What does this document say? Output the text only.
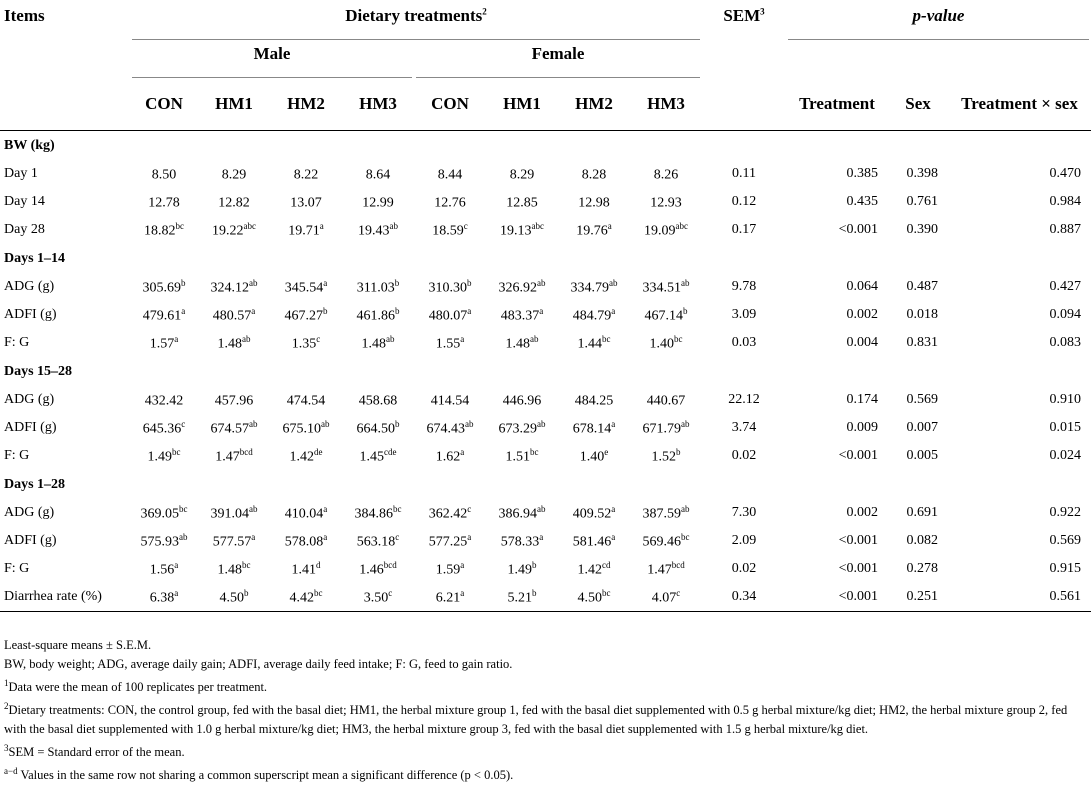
Items	Dietary treatments$^2$								SEM$^3$	p-value		
	Male				Female							
	CON	HM1	HM2	HM3	CON	HM1	HM2	HM3		Treatment	Sex	Treatment × sex

BW (kg)												
Day 1	8.50	8.29	8.22	8.64	8.44	8.29	8.28	8.26	0.11	0.385	0.398	0.470
Day 14	12.78	12.82	13.07	12.99	12.76	12.85	12.98	12.93	0.12	0.435	0.761	0.984
Day 28	18.82$^{bc}$	19.22$^{abc}$	19.71$^a$	19.43$^{ab}$	18.59$^c$	19.13$^{abc}$	19.76$^a$	19.09$^{abc}$	0.17	<0.001	0.390	0.887
Days 1–14												
ADG (g)	305.69$^b$	324.12$^{ab}$	345.54$^a$	311.03$^b$	310.30$^b$	326.92$^{ab}$	334.79$^{ab}$	334.51$^{ab}$	9.78	0.064	0.487	0.427
ADFI (g)	479.61$^a$	480.57$^a$	467.27$^b$	461.86$^b$	480.07$^a$	483.37$^a$	484.79$^a$	467.14$^b$	3.09	0.002	0.018	0.094
F: G	1.57$^a$	1.48$^{ab}$	1.35$^c$	1.48$^{ab}$	1.55$^a$	1.48$^{ab}$	1.44$^{bc}$	1.40$^{bc}$	0.03	0.004	0.831	0.083
Days 15–28												
ADG (g)	432.42	457.96	474.54	458.68	414.54	446.96	484.25	440.67	22.12	0.174	0.569	0.910
ADFI (g)	645.36$^c$	674.57$^{ab}$	675.10$^{ab}$	664.50$^b$	674.43$^{ab}$	673.29$^{ab}$	678.14$^a$	671.79$^{ab}$	3.74	0.009	0.007	0.015
F: G	1.49$^{bc}$	1.47$^{bcd}$	1.42de	1.45$^{cde}$	1.62$^a$	1.51$^{bc}$	1.40e	1.52$^b$	0.02	<0.001	0.005	0.024
Days 1–28												
ADG (g)	369.05$^{bc}$	391.04$^{ab}$	410.04$^a$	384.86$^{bc}$	362.42$^c$	386.94$^{ab}$	409.52$^a$	387.59$^{ab}$	7.30	0.002	0.691	0.922
ADFI (g)	575.93$^{ab}$	577.57$^a$	578.08$^a$	563.18$^c$	577.25$^a$	578.33$^a$	581.46$^a$	569.46$^{bc}$	2.09	<0.001	0.082	0.569
F: G	1.56$^a$	1.48$^{bc}$	1.41$^d$	1.46$^{bcd}$	1.59$^a$	1.49$^b$	1.42$^{cd}$	1.47$^{bcd}$	0.02	<0.001	0.278	0.915
Diarrhea rate (%)	6.38$^a$	4.50$^b$	4.42$^{bc}$	3.50$^c$	6.21$^a$	5.21$^b$	4.50$^{bc}$	4.07$^c$	0.34	<0.001	0.251	0.561
Least-square means ± S.E.M.
BW, body weight; ADG, average daily gain; ADFI, average daily feed intake; F: G, feed to gain ratio.
$^1$Data were the mean of 100 replicates per treatment.
$^2$Dietary treatments: CON, the control group, fed with the basal diet; HM1, the herbal mixture group 1, fed with the basal diet supplemented with 0.5 g herbal mixture/kg diet; HM2, the herbal mixture group 2, fed with the basal diet supplemented with 1.0 g herbal mixture/kg diet; HM3, the herbal mixture group 3, fed with the basal diet supplemented with 1.5 g herbal mixture/kg diet.
$^3$SEM = Standard error of the mean.
$^{a-d}$ Values in the same row not sharing a common superscript mean a significant difference (p < 0.05).
